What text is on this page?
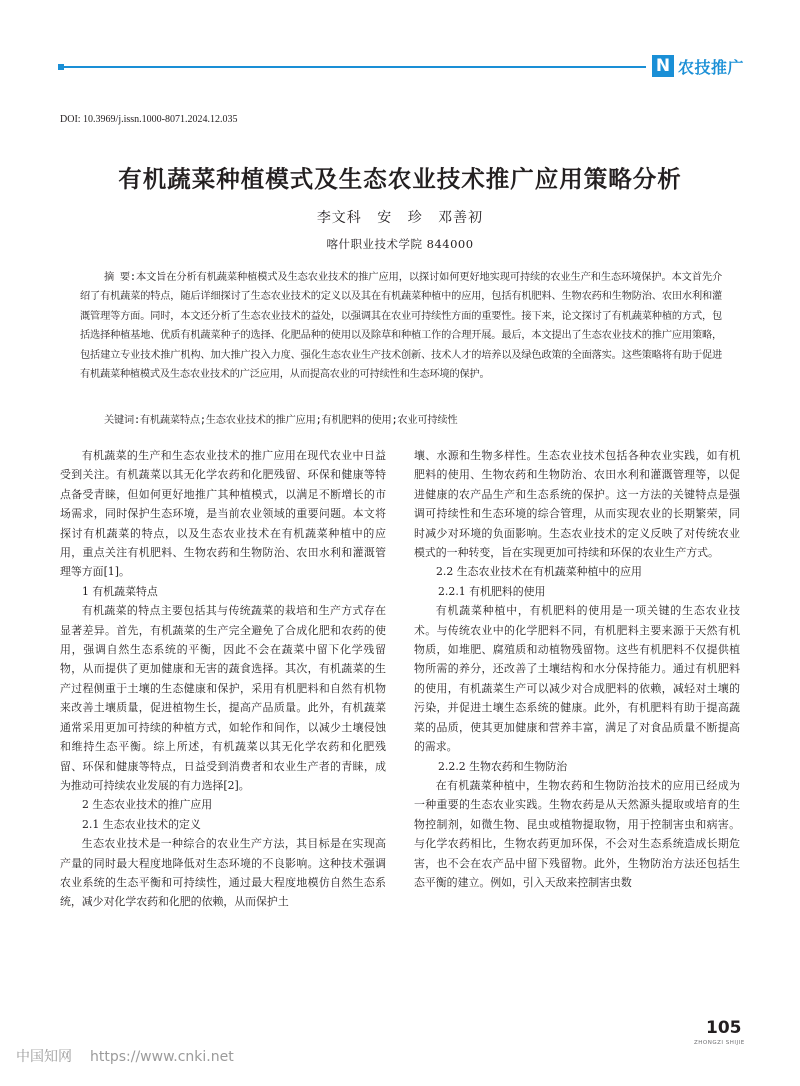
N 农技推广
DOI: 10.3969/j.issn.1000-8071.2024.12.035
有机蔬菜种植模式及生态农业技术推广应用策略分析
李文科 安 珍 邓善初
喀什职业技术学院 844000
摘 要:本文旨在分析有机蔬菜种植模式及生态农业技术的推广应用，以探讨如何更好地实现可持续的农业生产和生态环境保护。本文首先介绍了有机蔬菜的特点，随后详细探讨了生态农业技术的定义以及其在有机蔬菜种植中的应用，包括有机肥料、生物农药和生物防治、农田水利和灌溉管理等方面。同时，本文还分析了生态农业技术的益处，以强调其在农业可持续性方面的重要性。接下来，论文探讨了有机蔬菜种植的方式，包括选择种植基地、优质有机蔬菜种子的选择、化肥品种的使用以及除草和种植工作的合理开展。最后，本文提出了生态农业技术的推广应用策略，包括建立专业技术推广机构、加大推广投入力度、强化生态农业生产技术创新、技术人才的培养以及绿色政策的全面落实。这些策略将有助于促进有机蔬菜种植模式及生态农业技术的广泛应用，从而提高农业的可持续性和生态环境的保护。
关键词:有机蔬菜特点;生态农业技术的推广应用;有机肥料的使用;农业可持续性

有机蔬菜的生产和生态农业技术的推广应用在现代农业中日益受到关注。有机蔬菜以其无化学农药和化肥残留、环保和健康等特点备受青睐，但如何更好地推广其种植模式，以满足不断增长的市场需求，同时保护生态环境，是当前农业领域的重要问题。本文将探讨有机蔬菜的特点，以及生态农业技术在有机蔬菜种植中的应用，重点关注有机肥料、生物农药和生物防治、农田水利和灌溉管理等方面[1]。

1 有机蔬菜特点

有机蔬菜的特点主要包括其与传统蔬菜的栽培和生产方式存在显著差异。首先，有机蔬菜的生产完全避免了合成化肥和农药的使用，强调自然生态系统的平衡，因此不会在蔬菜中留下化学残留物，从而提供了更加健康和无害的蔬食选择。其次，有机蔬菜的生产过程侧重于土壤的生态健康和保护，采用有机肥料和自然有机物来改善土壤质量，促进植物生长，提高产品质量。此外，有机蔬菜通常采用更加可持续的种植方式，如轮作和间作，以减少土壤侵蚀和维持生态平衡。综上所述，有机蔬菜以其无化学农药和化肥残留、环保和健康等特点，日益受到消费者和农业生产者的青睐，成为推动可持续农业发展的有力选择[2]。

2 生态农业技术的推广应用

2.1 生态农业技术的定义

生态农业技术是一种综合的农业生产方法，其目标是在实现高产量的同时最大程度地降低对生态环境的不良影响。这种技术强调农业系统的生态平衡和可持续性，通过最大程度地模仿自然生态系统，减少对化学农药和化肥的依赖，从而保护土

壤、水源和生物多样性。生态农业技术包括各种农业实践，如有机肥料的使用、生物农药和生物防治、农田水利和灌溉管理等，以促进健康的农产品生产和生态系统的保护。这一方法的关键特点是强调可持续性和生态环境的综合管理，从而实现农业的长期繁荣，同时减少对环境的负面影响。生态农业技术的定义反映了对传统农业模式的一种转变，旨在实现更加可持续和环保的农业生产方式。

2.2 生态农业技术在有机蔬菜种植中的应用

2.2.1 有机肥料的使用

有机蔬菜种植中，有机肥料的使用是一项关键的生态农业技术。与传统农业中的化学肥料不同，有机肥料主要来源于天然有机物质，如堆肥、腐殖质和动植物残留物。这些有机肥料不仅提供植物所需的养分，还改善了土壤结构和水分保持能力。通过有机肥料的使用，有机蔬菜生产可以减少对合成肥料的依赖，减轻对土壤的污染，并促进土壤生态系统的健康。此外，有机肥料有助于提高蔬菜的品质，使其更加健康和营养丰富，满足了对食品质量不断提高的需求。

2.2.2 生物农药和生物防治

在有机蔬菜种植中，生物农药和生物防治技术的应用已经成为一种重要的生态农业实践。生物农药是从天然源头提取或培育的生物控制剂，如微生物、昆虫或植物提取物，用于控制害虫和病害。与化学农药相比，生物农药更加环保，不会对生态系统造成长期危害，也不会在农产品中留下残留物。此外，生物防治方法还包括生态平衡的建立。例如，引入天敌来控制害虫数

105
ZHONGZI SHIJIE
中国知网 https://www.cnki.net
